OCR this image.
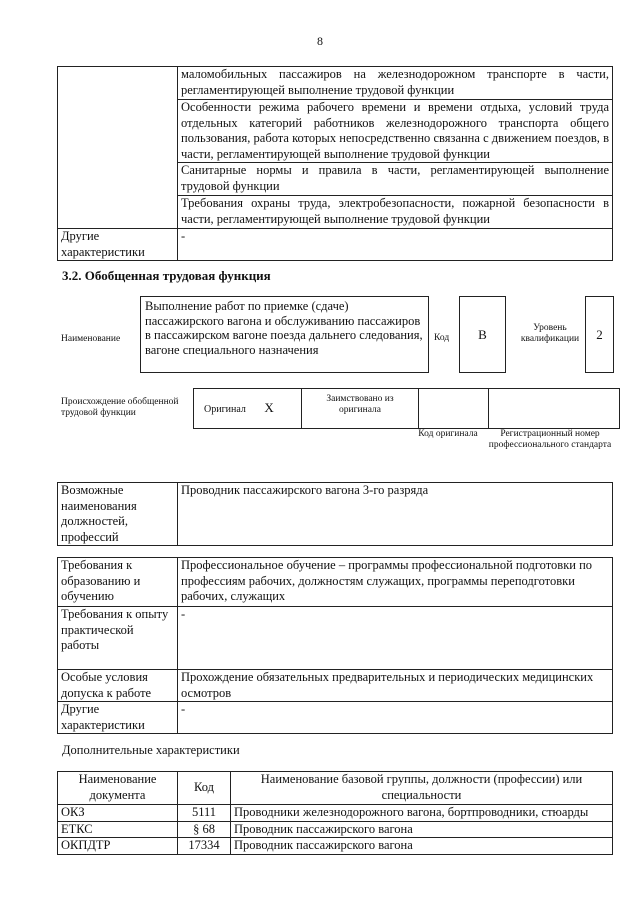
8
	маломобильных пассажиров на железнодорожном транспорте в части, регламентирующей выполнение трудовой функции
	Особенности режима рабочего времени и времени отдыха, условий труда отдельных категорий работников железнодорожного транспорта общего пользования, работа которых непосредственно связанна с движением поездов, в части, регламентирующей выполнение трудовой функции
	Санитарные нормы и правила в части, регламентирующей выполнение трудовой функции
	Требования охраны труда, электробезопасности, пожарной безопасности в части, регламентирующей выполнение трудовой функции
Другие характеристики	-
3.2. Обобщенная трудовая функция
Наименование
Выполнение работ по приемке (сдаче) пассажирского вагона и обслуживанию пассажиров в пассажирском вагоне поезда дальнего следования, вагоне специального назначения
Код	B	Уровень квалификации	2
Происхождение обобщенной трудовой функции	Оригинал X	Заимствовано из оригинала		
Код оригинала	Регистрационный номер профессионального стандарта
Возможные наименования должностей, профессий	Проводник пассажирского вагона 3-го разряда
Требования к образованию и обучению	Профессиональное обучение – программы профессиональной подготовки по профессиям рабочих, должностям служащих, программы переподготовки рабочих, служащих
Требования к опыту практической работы	-
Особые условия допуска к работе	Прохождение обязательных предварительных и периодических медицинских осмотров
Другие характеристики	-
Дополнительные характеристики
Наименование документа	Код	Наименование базовой группы, должности (профессии) или специальности
ОКЗ	5111	Проводники железнодорожного вагона, бортпроводники, стюарды
ЕТКС	§ 68	Проводник пассажирского вагона
ОКПДТР	17334	Проводник пассажирского вагона
